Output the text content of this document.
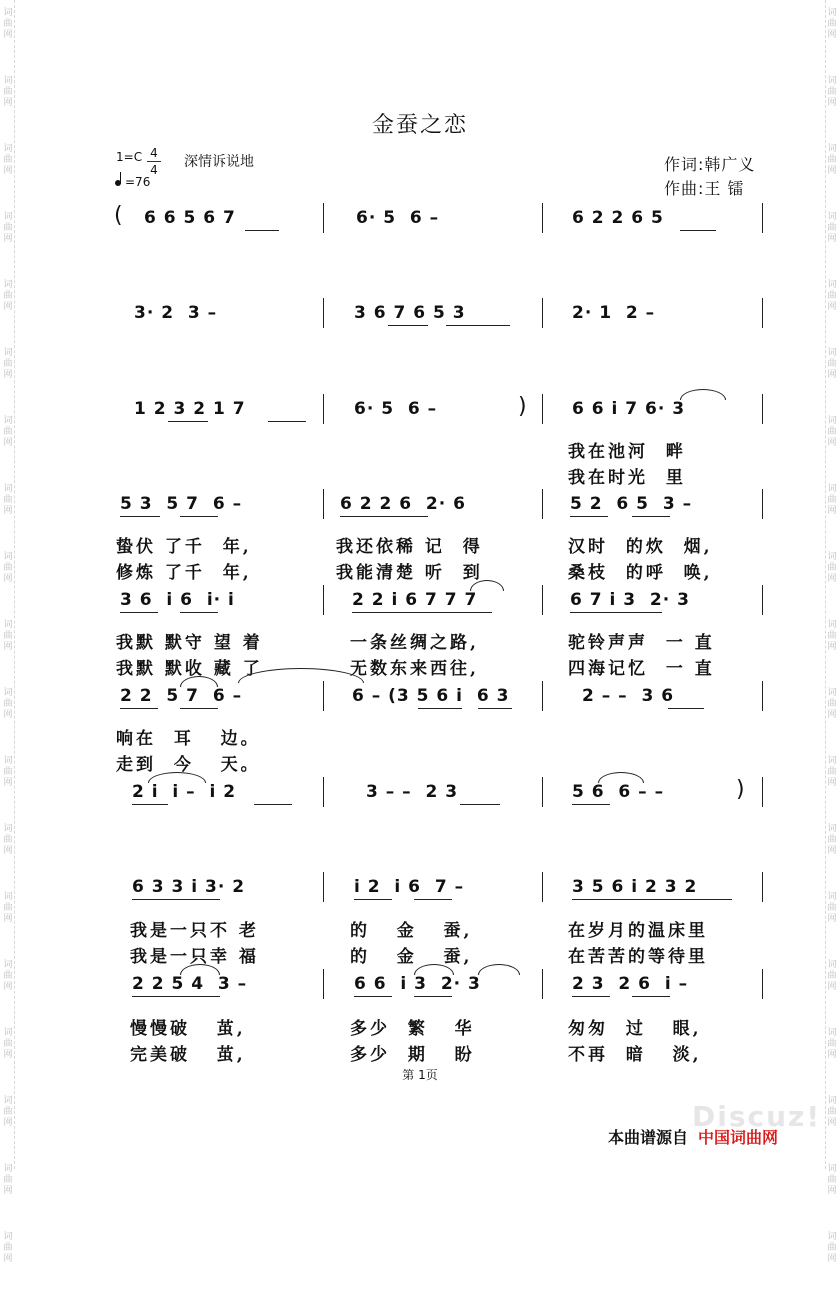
词
曲
网
词
曲
网
词
曲
网
词
曲
网
词
曲
网
词
曲
网
词
曲
网
词
曲
网
词
曲
网
词
曲
网
词
曲
网
词
曲
网
词
曲
网
词
曲
网
词
曲
网
词
曲
网
词
曲
网
词
曲
网
词
曲
网
词
曲
网
词
曲
网
词
曲
网
词
曲
网
词
曲
网
词
曲
网
词
曲
网
词
曲
网
词
曲
网
词
曲
网
词
曲
网
词
曲
网
词
曲
网
词
曲
网
词
曲
网
词
曲
网
词
曲
网
词
曲
网
词
曲
网
金蚕之恋
1=C 4
4 深情诉说地
=76
作词:韩广义
作曲:王 镭
( 6 6 5 6 7	6· 5  6 –	6 2 2 6 5
3· 2  3 –	3 6 7 6 5 3	2· 1  2 –
1 2 3 2 1 7	6· 5  6 –	)	6 6 i 7 6· 3
我在池河  畔
我在时光  里
5 3  5 7  6 –	6 2 2 6  2· 6	5 2  6 5  3 –
蛰伏 了千  年,	我还依稀 记  得	汉时  的炊  烟,
修炼 了千  年,	我能清楚 听  到	桑枝  的呼  唤,
3 6  i 6  i· i	2 2 i 6 7 7 7	6 7 i 3  2· 3
我默 默守 望 着	一条丝绸之路,	驼铃声声  一 直
我默 默收 藏 了	无数东来西往,	四海记忆  一 直
2 2  5 7  6 –	6 – (3 5 6 i  6 3	2 – –  3 6
响在  耳   边。
走到  今   天。
2 i  i –  i 2	3 – –  2 3	5 6  6 – –	)
6 3 3 i 3· 2	i 2  i 6  7 –	3 5 6 i 2 3 2
我是一只不 老	的   金   蚕,	在岁月的温床里
我是一只幸 福	的   金   蚕,	在苦苦的等待里
2 2 5 4  3 –	6 6  i 3  2· 3	2 3  2 6  i –
慢慢破   茧,	多少  繁   华	匆匆  过   眼,
完美破   茧,	多少  期   盼	不再  暗   淡,
第 1页
Discuz!
本曲谱源自 中国词曲网
